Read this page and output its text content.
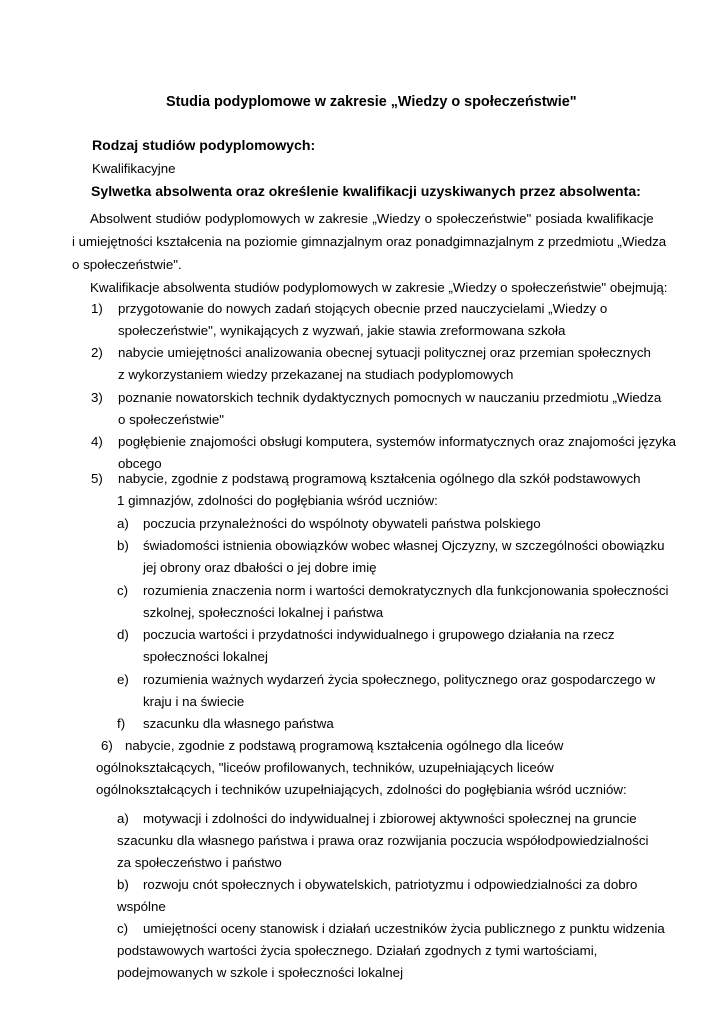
Studia podyplomowe w zakresie „Wiedzy o społeczeństwie"
Rodzaj studiów podyplomowych:
Kwalifikacyjne
Sylwetka absolwenta oraz określenie kwalifikacji uzyskiwanych przez absolwenta:
Absolwent studiów podyplomowych w zakresie „Wiedzy o społeczeństwie" posiada kwalifikacje
i umiejętności kształcenia na poziomie gimnazjalnym oraz ponadgimnazjalnym z przedmiotu „Wiedza
o społeczeństwie".
Kwalifikacje absolwenta studiów podyplomowych w zakresie „Wiedzy o społeczeństwie" obejmują:
1) przygotowanie do nowych zadań stojących obecnie przed nauczycielami „Wiedzy o
społeczeństwie", wynikających z wyzwań, jakie stawia zreformowana szkoła
2) nabycie umiejętności analizowania obecnej sytuacji politycznej oraz przemian społecznych
z wykorzystaniem wiedzy przekazanej na studiach podyplomowych
3) poznanie nowatorskich technik dydaktycznych pomocnych w nauczaniu przedmiotu „Wiedza
o społeczeństwie"
4) pogłębienie znajomości obsługi komputera, systemów informatycznych oraz znajomości języka
obcego
5) nabycie, zgodnie z podstawą programową kształcenia ogólnego dla szkół podstawowych
1 gimnazjów, zdolności do pogłębiania wśród uczniów:
a) poczucia przynależności do wspólnoty obywateli państwa polskiego
b) świadomości istnienia obowiązków wobec własnej Ojczyzny, w szczególności obowiązku
jej obrony oraz dbałości o jej dobre imię
c) rozumienia znaczenia norm i wartości demokratycznych dla funkcjonowania społeczności
szkolnej, społeczności lokalnej i państwa
d) poczucia wartości i przydatności indywidualnego i grupowego działania na rzecz
społeczności lokalnej
e) rozumienia ważnych wydarzeń życia społecznego, politycznego oraz gospodarczego w
kraju i na świecie
f) szacunku dla własnego państwa
6) nabycie, zgodnie z podstawą programową kształcenia ogólnego dla liceów
ogólnokształcących, "liceów profilowanych, techników, uzupełniających liceów
ogólnokształcących i techników uzupełniających, zdolności do pogłębiania wśród uczniów:
a) motywacji i zdolności do indywidualnej i zbiorowej aktywności społecznej na gruncie
szacunku dla własnego państwa i prawa oraz rozwijania poczucia współodpowiedzialności
za społeczeństwo i państwo
b) rozwoju cnót społecznych i obywatelskich, patriotyzmu i odpowiedzialności za dobro
wspólne
c) umiejętności oceny stanowisk i działań uczestników życia publicznego z punktu widzenia
podstawowych wartości życia społecznego. Działań zgodnych z tymi wartościami,
podejmowanych w szkole i społeczności lokalnej
